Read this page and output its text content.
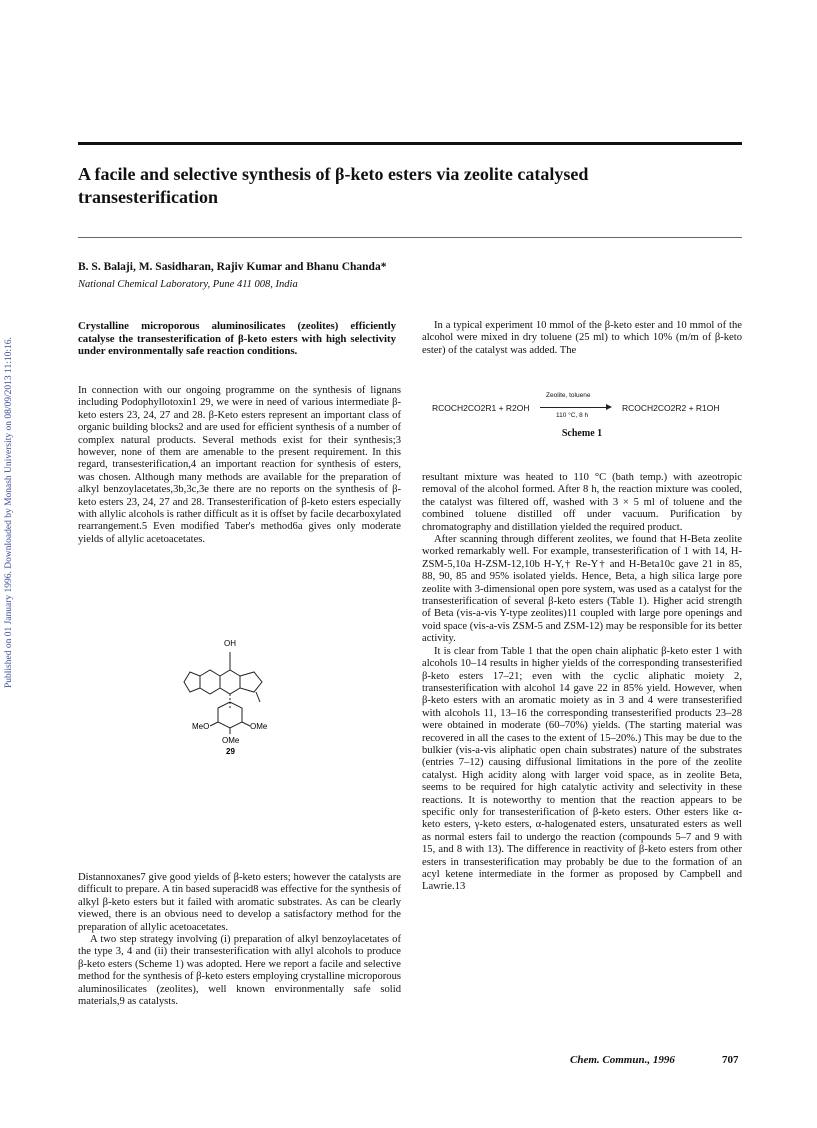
Published on 01 January 1996. Downloaded by Monash University on 08/09/2013 11:10:16.
A facile and selective synthesis of β-keto esters via zeolite catalysed transesterification
B. S. Balaji, M. Sasidharan, Rajiv Kumar and Bhanu Chanda*
National Chemical Laboratory, Pune 411 008, India
Crystalline microporous aluminosilicates (zeolites) efficiently catalyse the transesterification of β-keto esters with high selectivity under environmentally safe reaction conditions.

In connection with our ongoing programme on the synthesis of lignans including Podophyllotoxin1 29, we were in need of various intermediate β-keto esters 23, 24, 27 and 28. β-Keto esters represent an important class of organic building blocks2 and are used for efficient synthesis of a number of complex natural products. Several methods exist for their synthesis;3 however, none of them are amenable to the present requirement. In this regard, transesterification,4 an important reaction for synthesis of esters, was chosen. Although many methods are available for the preparation of alkyl benzoylacetates,3b,3c,3e there are no reports on the synthesis of β-keto esters 23, 24, 27 and 28. Transesterification of β-keto esters especially with allylic alcohols is rather difficult as it is offset by facile decarboxylated rearrangement.5 Even modified Taber's method6a gives only moderate yields of allylic acetoacetates.

OH
MeO	OMe
OMe
29

Distannoxanes7 give good yields of β-keto esters; however the catalysts are difficult to prepare. A tin based superacid8 was effective for the synthesis of alkyl β-keto esters but it failed with aromatic substrates. As can be clearly viewed, there is an obvious need to develop a satisfactory method for the preparation of allylic acetoacetates.

A two step strategy involving (i) preparation of alkyl benzoylacetates of the type 3, 4 and (ii) their transesterification with allyl alcohols to produce β-keto esters (Scheme 1) was adopted. Here we report a facile and selective method for the synthesis of β-keto esters employing crystalline microporous aluminosilicates (zeolites), well known environmentally safe solid materials,9 as catalysts.

In a typical experiment 10 mmol of the β-keto ester and 10 mmol of the alcohol were mixed in dry toluene (25 ml) to which 10% (m/m of β-keto ester) of the catalyst was added. The

RCOCH2CO2R1 + R2OH
Zeolite, toluene
110 °C, 8 h
RCOCH2CO2R2 + R1OH
Scheme 1

resultant mixture was heated to 110 °C (bath temp.) with azeotropic removal of the alcohol formed. After 8 h, the reaction mixture was cooled, the catalyst was filtered off, washed with 3 × 5 ml of toluene and the combined toluene distilled off under vacuum. Purification by chromatography and distillation yielded the required product.

After scanning through different zeolites, we found that H-Beta zeolite worked remarkably well. For example, transesterification of 1 with 14, H-ZSM-5,10a H-ZSM-12,10b H-Y,† Re-Y† and H-Beta10c gave 21 in 85, 88, 90, 85 and 95% isolated yields. Hence, Beta, a high silica large pore zeolite with 3-dimensional open pore system, was used as a catalyst for the transesterification of several β-keto esters (Table 1). Higher acid strength of Beta (vis-a-vis Y-type zeolites)11 coupled with large pore openings and void space (vis-a-vis ZSM-5 and ZSM-12) may be responsible for its better activity.

It is clear from Table 1 that the open chain aliphatic β-keto ester 1 with alcohols 10–14 results in higher yields of the corresponding transesterified β-keto esters 17–21; even with the cyclic aliphatic moiety 2, transesterification with alcohol 14 gave 22 in 85% yield. However, when β-keto esters with an aromatic moiety as in 3 and 4 were transesterified with alcohols 11, 13–16 the corresponding transesterified products 23–28 were obtained in moderate (60–70%) yields. (The starting material was recovered in all the cases to the extent of 15–20%.) This may be due to the bulkier (vis-a-vis aliphatic open chain substrates) nature of the substrates (entries 7–12) causing diffusional limitations in the pore of the zeolite catalyst. High acidity along with larger void space, as in zeolite Beta, seems to be required for high catalytic activity and selectivity in these reactions. It is noteworthy to mention that the reaction appears to be specific only for transesterification of β-keto esters. Other esters like α-keto esters, γ-keto esters, α-halogenated esters, unsaturated esters as well as normal esters fail to undergo the reaction (compounds 5–7 and 9 with 15, and 8 with 13). The difference in reactivity of β-keto esters from other esters in transesterification may probably be due to the formation of an acyl ketene intermediate in the former as proposed by Campbell and Lawrie.13

Chem. Commun., 1996	707
